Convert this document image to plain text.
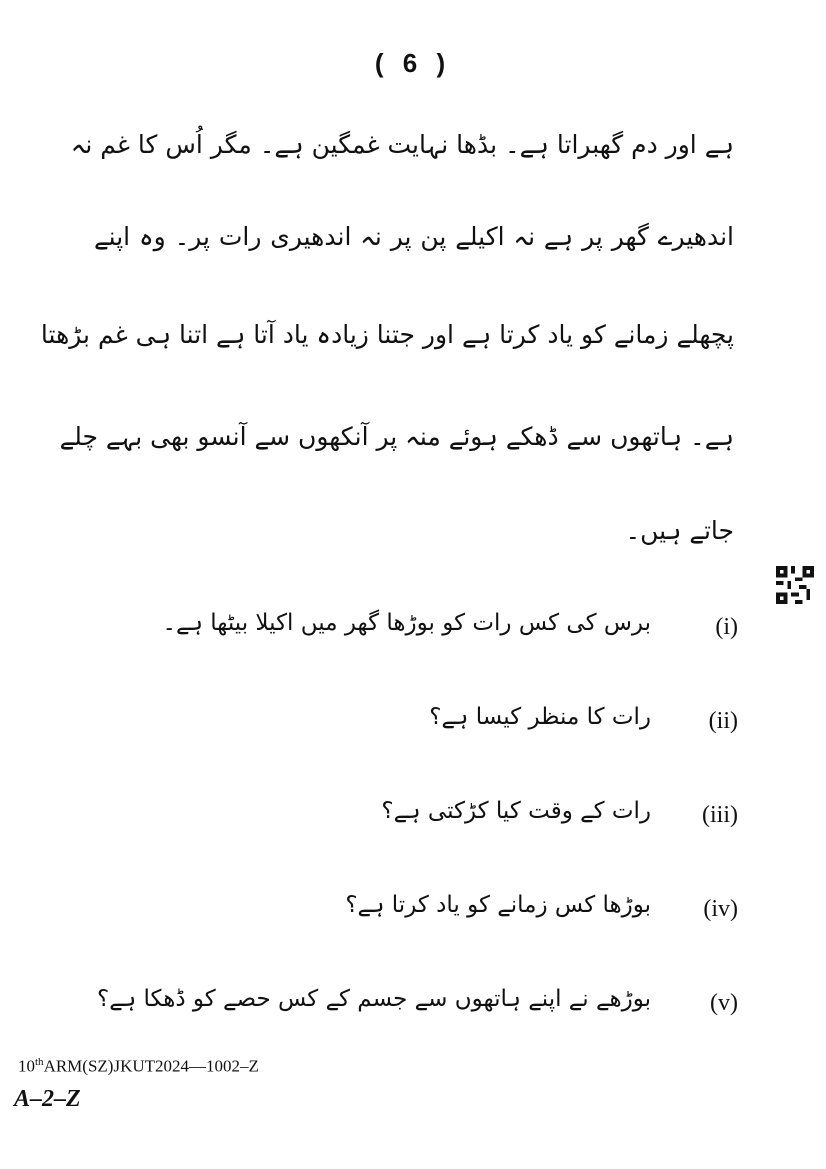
( 6 )
ہے اور دم گھبراتا ہے۔ بڈھا نہایت غمگین ہے۔ مگر اُس کا غم نہ
اندھیرے گھر پر ہے نہ اکیلے پن پر نہ اندھیری رات پر۔ وہ اپنے
پچھلے زمانے کو یاد کرتا ہے اور جتنا زیادہ یاد آتا ہے اتنا ہی غم بڑھتا
ہے۔ ہاتھوں سے ڈھکے ہوئے منہ پر آنکھوں سے آنسو بھی بہے چلے
جاتے ہیں۔
برس کی کس رات کو بوڑھا گھر میں اکیلا بیٹھا ہے۔	(i)
رات کا منظر کیسا ہے؟ (ii)
رات کے وقت کیا کڑکتی ہے؟ (iii)
بوڑھا کس زمانے کو یاد کرتا ہے؟ (iv)
بوڑھے نے اپنے ہاتھوں سے جسم کے کس حصے کو ڈھکا ہے؟ (v)
10thARM(SZ)JKUT2024—1002–Z
A–2–Z
